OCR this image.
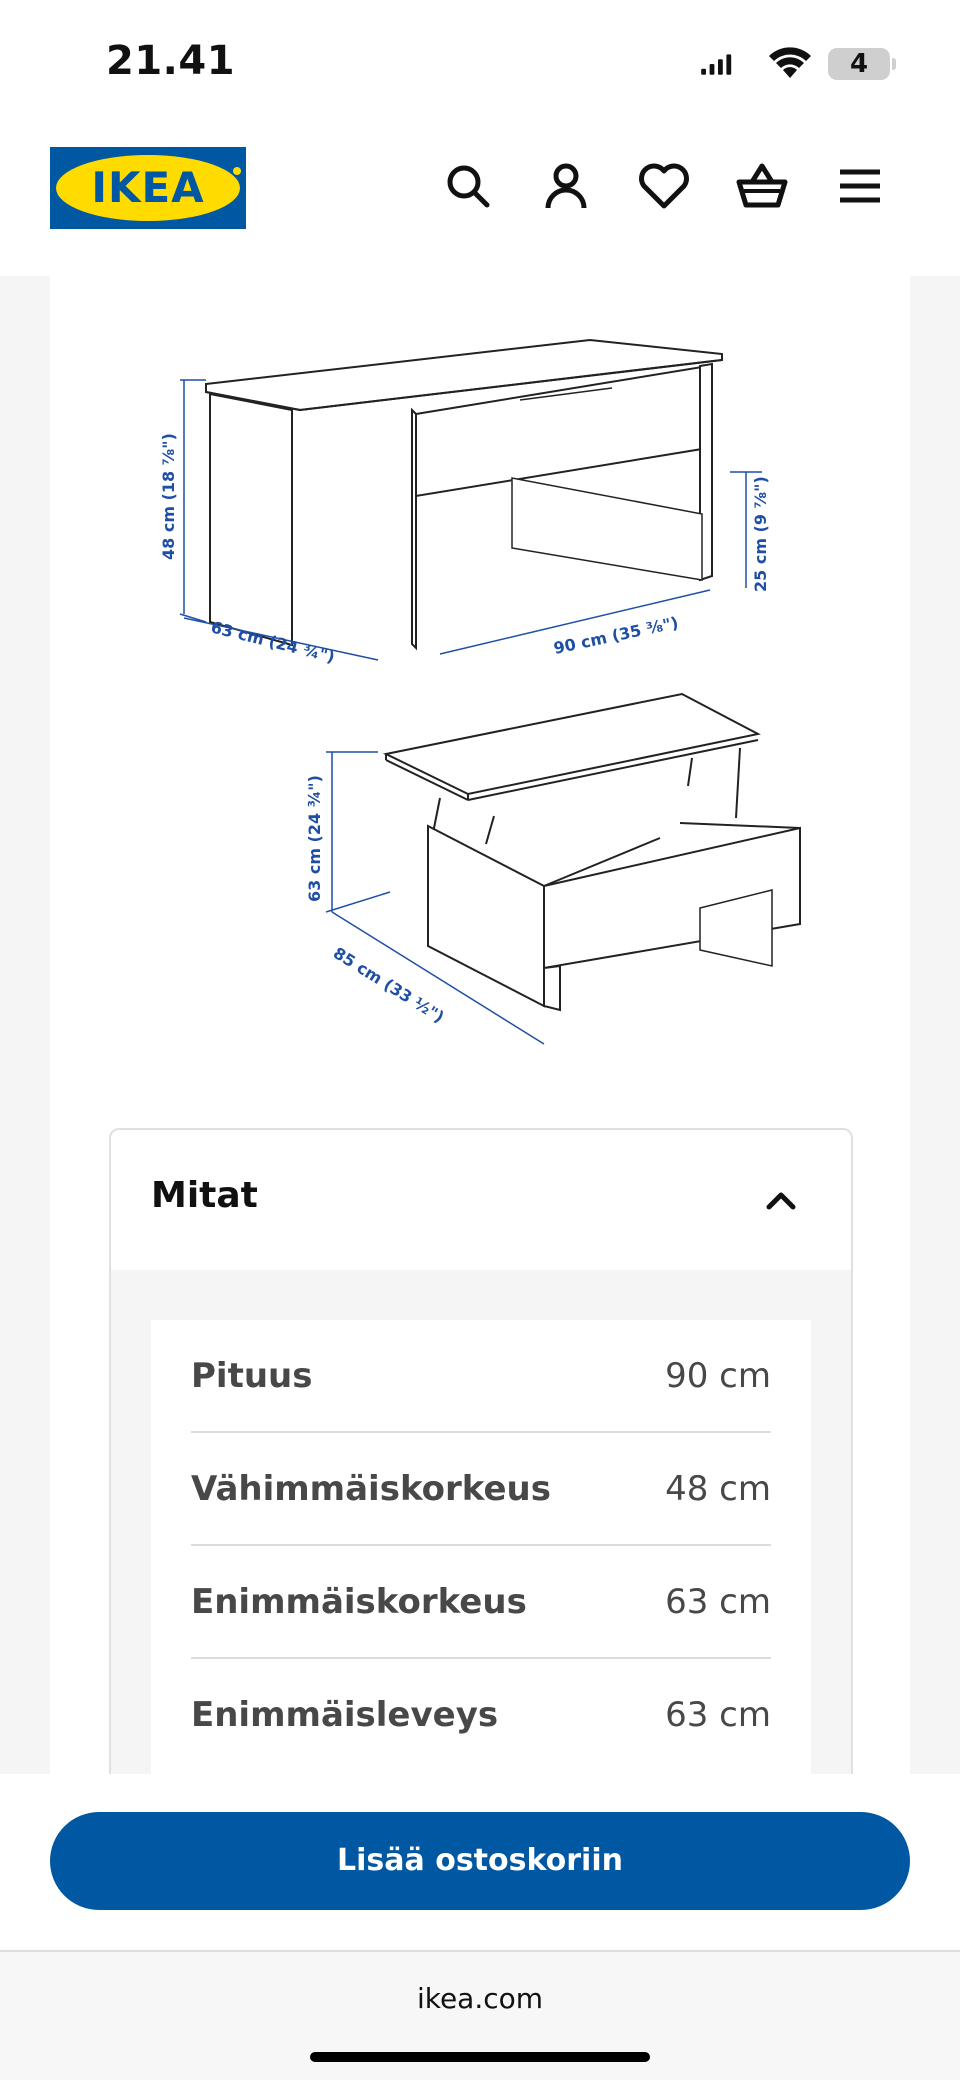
21.41	4
IKEA
48 cm (18 ⅞")
63 cm (24 ¾")	90 cm (35 ⅜")
25 cm (9 ⅞")
63 cm (24 ¾")
85 cm (33 ½")
Mitat
Pituus	90 cm
Vähimmäiskorkeus	48 cm
Enimmäiskorkeus	63 cm
Enimmäisleveys	63 cm
Lisää ostoskoriin
ikea.com
